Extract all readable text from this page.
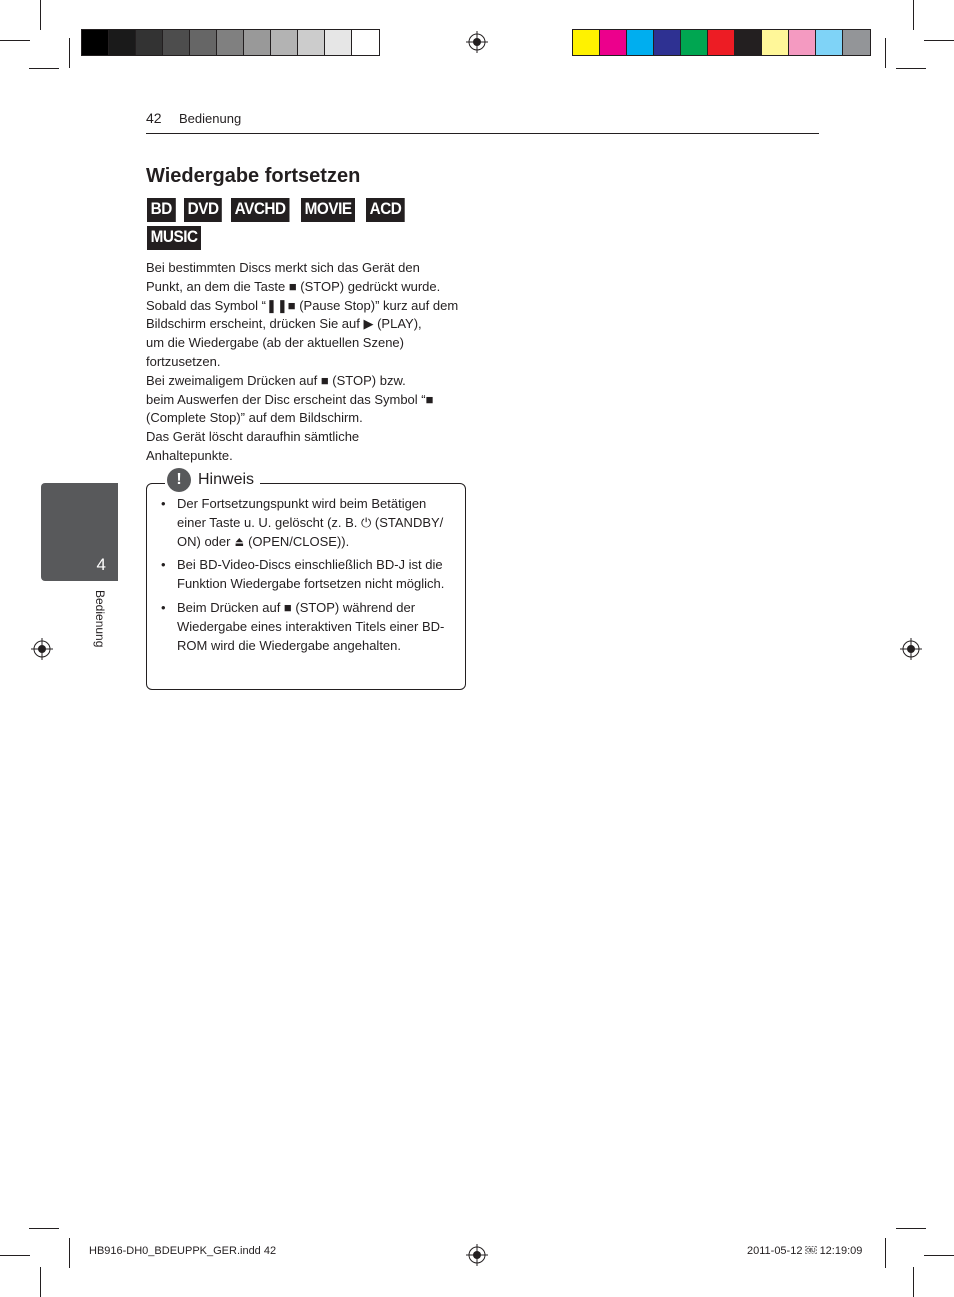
42 Bedienung
4
Bedienung
Wiedergabe fortsetzen
BD DVD AVCHD MOVIE ACD
MUSIC
Bei bestimmten Discs merkt sich das Gerät den
Punkt, an dem die Taste ■ (STOP) gedrückt wurde.
Sobald das Symbol “❚❚■ (Pause Stop)” kurz auf dem
Bildschirm erscheint, drücken Sie auf ▶ (PLAY),
um die Wiedergabe (ab der aktuellen Szene)
fortzusetzen.
Bei zweimaligem Drücken auf ■ (STOP) bzw.
beim Auswerfen der Disc erscheint das Symbol “■
(Complete Stop)” auf dem Bildschirm.
Das Gerät löscht daraufhin sämtliche
Anhaltepunkte.
!	Hinweis
• Der Fortsetzungspunkt wird beim Betätigen einer Taste u. U. gelöscht (z. B. ⏻ (STANDBY/ ON) oder ⏏ (OPEN/CLOSE)).
• Bei BD-Video-Discs einschließlich BD-J ist die Funktion Wiedergabe fortsetzen nicht möglich.
• Beim Drücken auf ■ (STOP) während der Wiedergabe eines interaktiven Titels einer BD-ROM wird die Wiedergabe angehalten.
HB916-DH0_BDEUPPK_GER.indd 42	2011-05-12 ￼ 12:19:09
